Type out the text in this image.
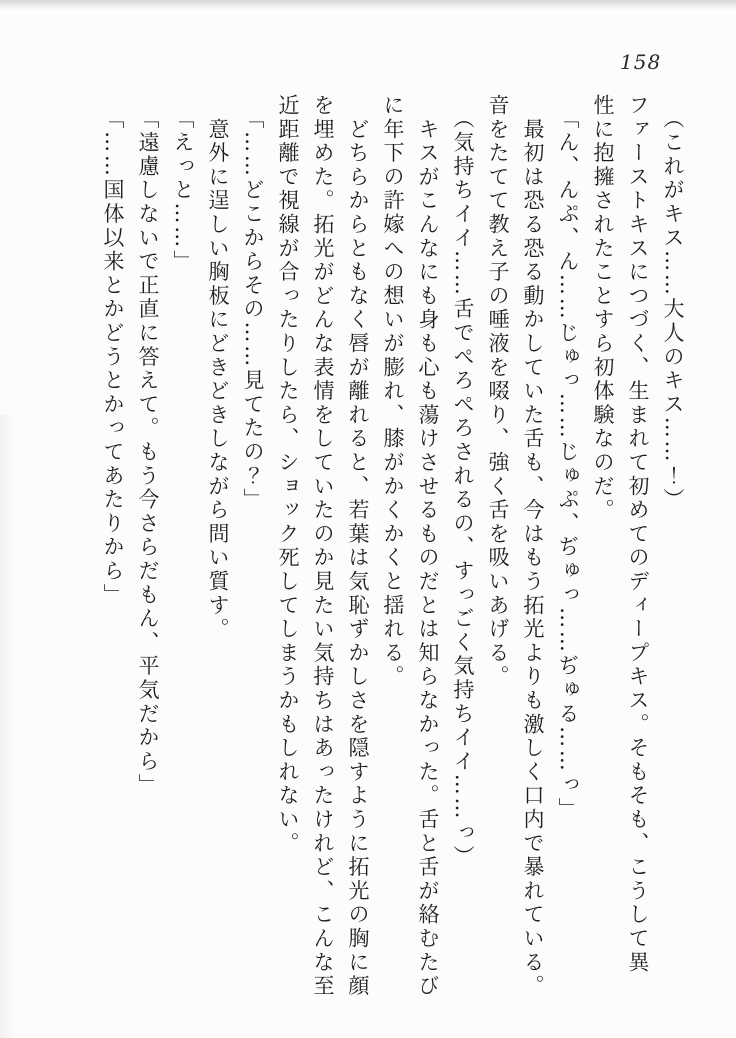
158
　（これがキス……大人のキス……！）
ファーストキスにつづく、生まれて初めてのディープキス。そもそも、こうして異
性に抱擁されたことすら初体験なのだ。
　「ん、んぷ、ん……じゅっ……じゅぷ、ぢゅっ……ぢゅる……っ」
　最初は恐る恐る動かしていた舌も、今はもう拓光よりも激しく口内で暴れている。
音をたてて教え子の唾液を啜り、強く舌を吸いあげる。
　（気持ちイイ……舌でぺろぺろされるの、すっごく気持ちイイ……っ）
　キスがこんなにも身も心も蕩けさせるものだとは知らなかった。舌と舌が絡むたび
に年下の許嫁への想いが膨れ、膝がかくかくと揺れる。
　どちらからともなく唇が離れると、若葉は気恥ずかしさを隠すように拓光の胸に顔
を埋めた。拓光がどんな表情をしていたのか見たい気持ちはあったけれど、こんな至
近距離で視線が合ったりしたら、ショック死してしまうかもしれない。
　「……どこからその……見てたの？」
　意外に逞しい胸板にどきどきしながら問い質す。
　「えっと……」
　「遠慮しないで正直に答えて。もう今さらだもん、平気だから」
　「……国体以来とかどうとかってあたりから」
